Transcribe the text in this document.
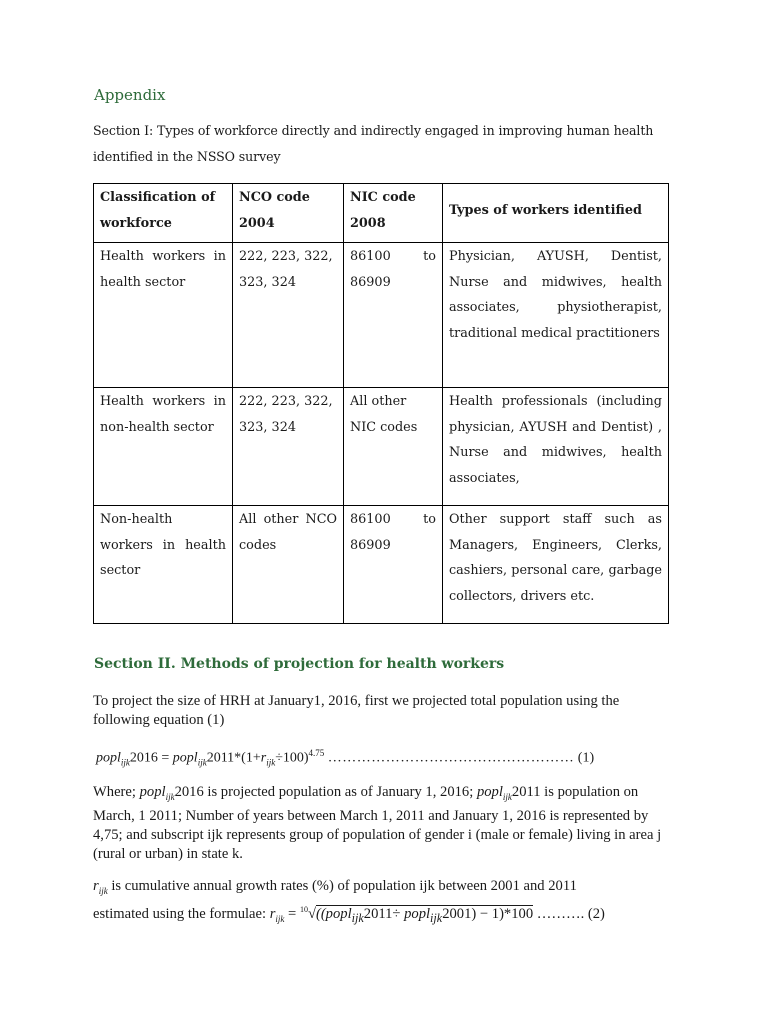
Appendix
Section I: Types of workforce directly and indirectly engaged in improving human health
identified in the NSSO survey
Classification of workforce	NCO code 2004	NIC code 2008	Types of workers identified
Health workers in health sector	222, 223, 322, 323, 324	86100 to 86909	Physician, AYUSH, Dentist, Nurse and midwives, health associates, physiotherapist, traditional medical practitioners
Health workers in non-health sector	222, 223, 322, 323, 324	All other NIC codes	Health professionals (including physician, AYUSH and Dentist) , Nurse and midwives, health associates,
Non-health workers in health sector	All other NCO codes	86100 to 86909	Other support staff such as Managers, Engineers, Clerks, cashiers, personal care, garbage collectors, drivers etc.
Section II. Methods of projection for health workers
To project the size of HRH at January1, 2016, first we projected total population using the following equation (1)
popl$_{ijk}$2016 = $popl_{ijk}2011*(1+r_{ijk}\div 100)^{4.75}$ …………………………………………… (1)
Where; popl$_{ijk}$2016 is projected population as of January 1, 2016; popl$_{ijk}$2011 is population on March, 1 2011; Number of years between March 1, 2011 and January 1, 2016 is represented by 4,75; and subscript ijk represents group of population of gender i (male or female) living in area j (rural or urban) in state k.
$r_{ijk}$ is cumulative annual growth rates (%) of population ijk between 2001 and 2011
estimated using the formulae: $r_{ijk}$ = $^{10}$√((popl$_{ijk}$2011÷ popl$_{ijk}$2001) − 1)*100 ………. (2)
